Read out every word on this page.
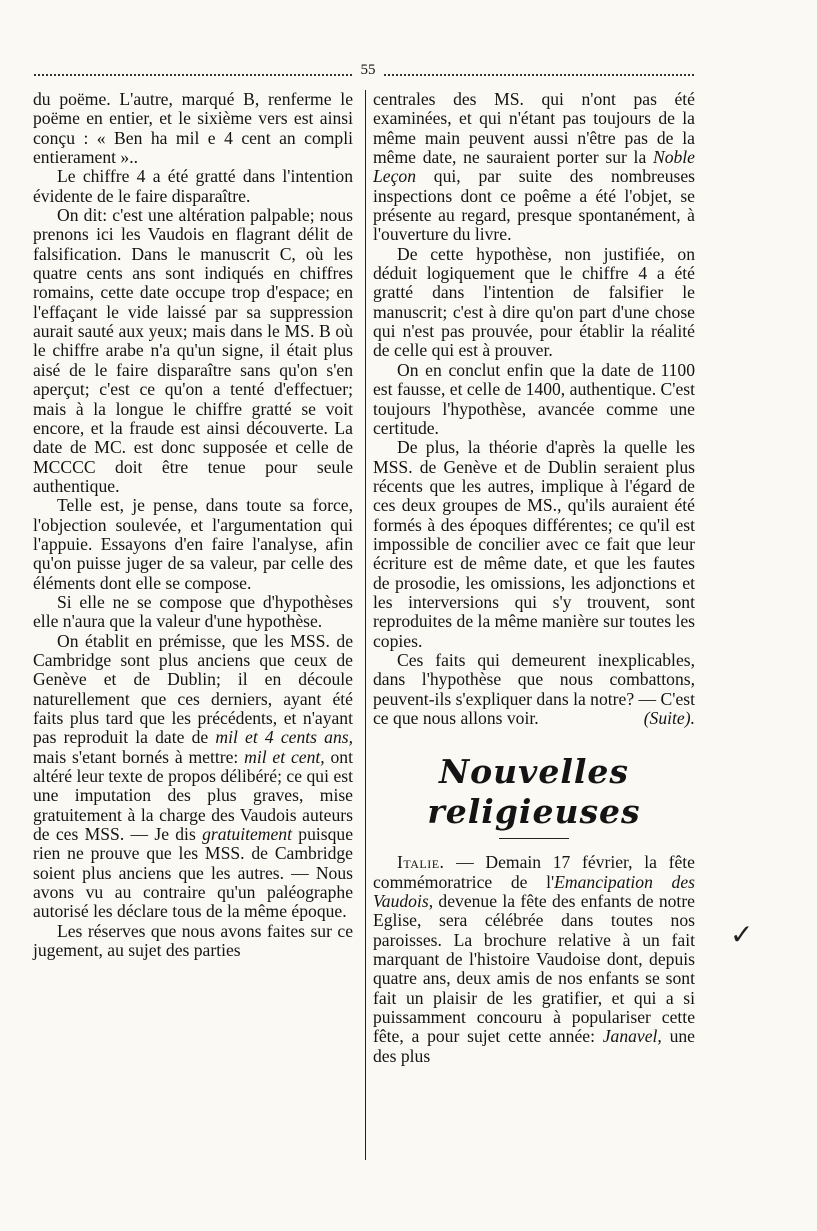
55

du poëme. L'autre, marqué B, renferme le poëme en entier, et le sixième vers est ainsi conçu : « Ben ha mil e 4 cent an compli entierament »..

Le chiffre 4 a été gratté dans l'intention évidente de le faire disparaître.

On dit: c'est une altération palpable; nous prenons ici les Vaudois en flagrant délit de falsification. Dans le manuscrit C, où les quatre cents ans sont indiqués en chiffres romains, cette date occupe trop d'espace; en l'effaçant le vide laissé par sa suppression aurait sauté aux yeux; mais dans le MS. B où le chiffre arabe n'a qu'un signe, il était plus aisé de le faire disparaître sans qu'on s'en aperçut; c'est ce qu'on a tenté d'effectuer; mais à la longue le chiffre gratté se voit encore, et la fraude est ainsi découverte. La date de MC. est donc supposée et celle de MCCCC doit être tenue pour seule authentique.

Telle est, je pense, dans toute sa force, l'objection soulevée, et l'argumentation qui l'appuie. Essayons d'en faire l'analyse, afin qu'on puisse juger de sa valeur, par celle des éléments dont elle se compose.

Si elle ne se compose que d'hypothèses elle n'aura que la valeur d'une hypothèse.

On établit en prémisse, que les MSS. de Cambridge sont plus anciens que ceux de Genève et de Dublin; il en découle naturellement que ces derniers, ayant été faits plus tard que les précédents, et n'ayant pas reproduit la date de mil et 4 cents ans, mais s'etant bornés à mettre: mil et cent, ont altéré leur texte de propos délibéré; ce qui est une imputation des plus graves, mise gratuitement à la charge des Vaudois auteurs de ces MSS. — Je dis gratuitement puisque rien ne prouve que les MSS. de Cambridge soient plus anciens que les autres. — Nous avons vu au contraire qu'un paléographe autorisé les déclare tous de la même époque.

Les réserves que nous avons faites sur ce jugement, au sujet des parties

centrales des MS. qui n'ont pas été examinées, et qui n'étant pas toujours de la même main peuvent aussi n'être pas de la même date, ne sauraient porter sur la Noble Leçon qui, par suite des nombreuses inspections dont ce poême a été l'objet, se présente au regard, presque spontanément, à l'ouverture du livre.

De cette hypothèse, non justifiée, on déduit logiquement que le chiffre 4 a été gratté dans l'intention de falsifier le manuscrit; c'est à dire qu'on part d'une chose qui n'est pas prouvée, pour établir la réalité de celle qui est à prouver.

On en conclut enfin que la date de 1100 est fausse, et celle de 1400, authentique. C'est toujours l'hypothèse, avancée comme une certitude.

De plus, la théorie d'après la quelle les MSS. de Genève et de Dublin seraient plus récents que les autres, implique à l'égard de ces deux groupes de MS., qu'ils auraient été formés à des époques différentes; ce qu'il est impossible de concilier avec ce fait que leur écriture est de même date, et que les fautes de prosodie, les omissions, les adjonctions et les interversions qui s'y trouvent, sont reproduites de la même manière sur toutes les copies.

Ces faits qui demeurent inexplicables, dans l'hypothèse que nous combattons, peuvent-ils s'expliquer dans la notre? — C'est ce que nous allons voir.	(Suite).

Nouvelles religieuses

Italie. — Demain 17 février, la fête commémoratrice de l'Emancipation des Vaudois, devenue la fête des enfants de notre Eglise, sera célébrée dans toutes nos paroisses. La brochure relative à un fait marquant de l'histoire Vaudoise dont, depuis quatre ans, deux amis de nos enfants se sont fait un plaisir de les gratifier, et qui a si puissamment concouru à populariser cette fête, a pour sujet cette année: Janavel, une des plus

✓
